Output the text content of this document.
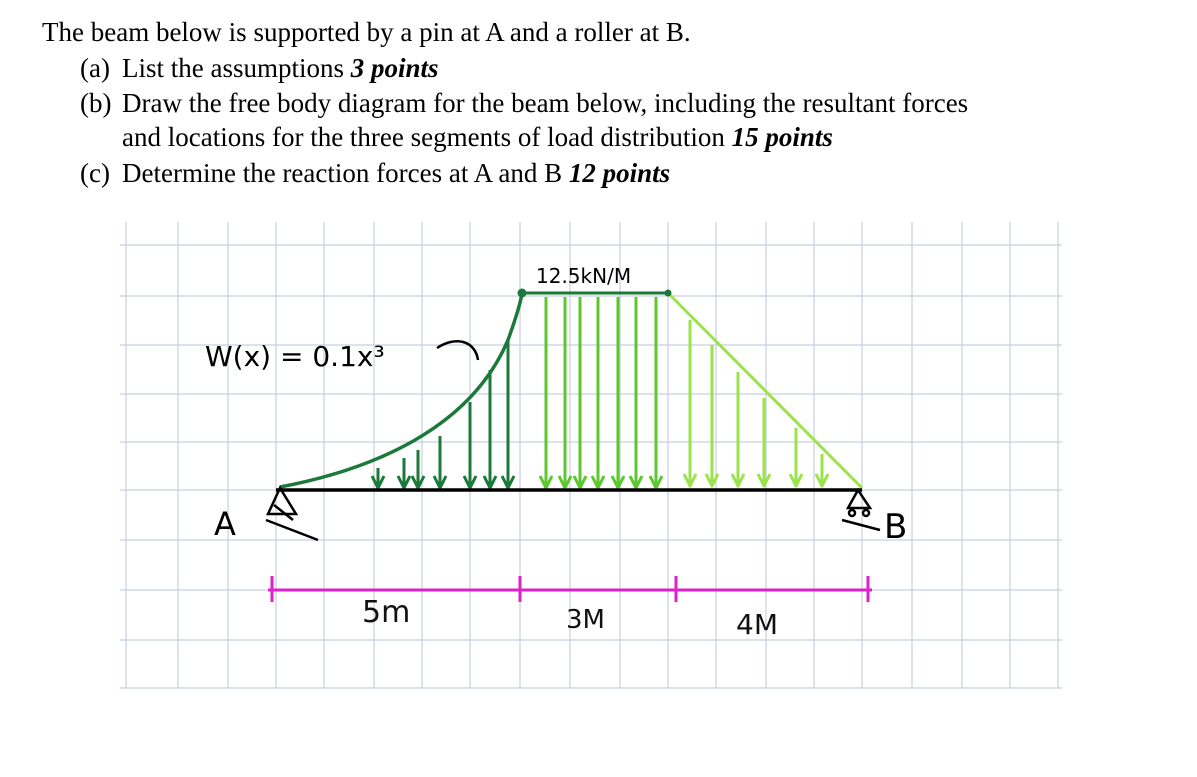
The beam below is supported by a pin at A and a roller at B.
(a) List the assumptions 3 points
(b) Draw the free body diagram for the beam below, including the resultant forces
and locations for the three segments of load distribution 15 points
(c) Determine the reaction forces at A and B 12 points
A	B
5m	3M	4M
W(x) = 0.1x³
12.5kN/M
